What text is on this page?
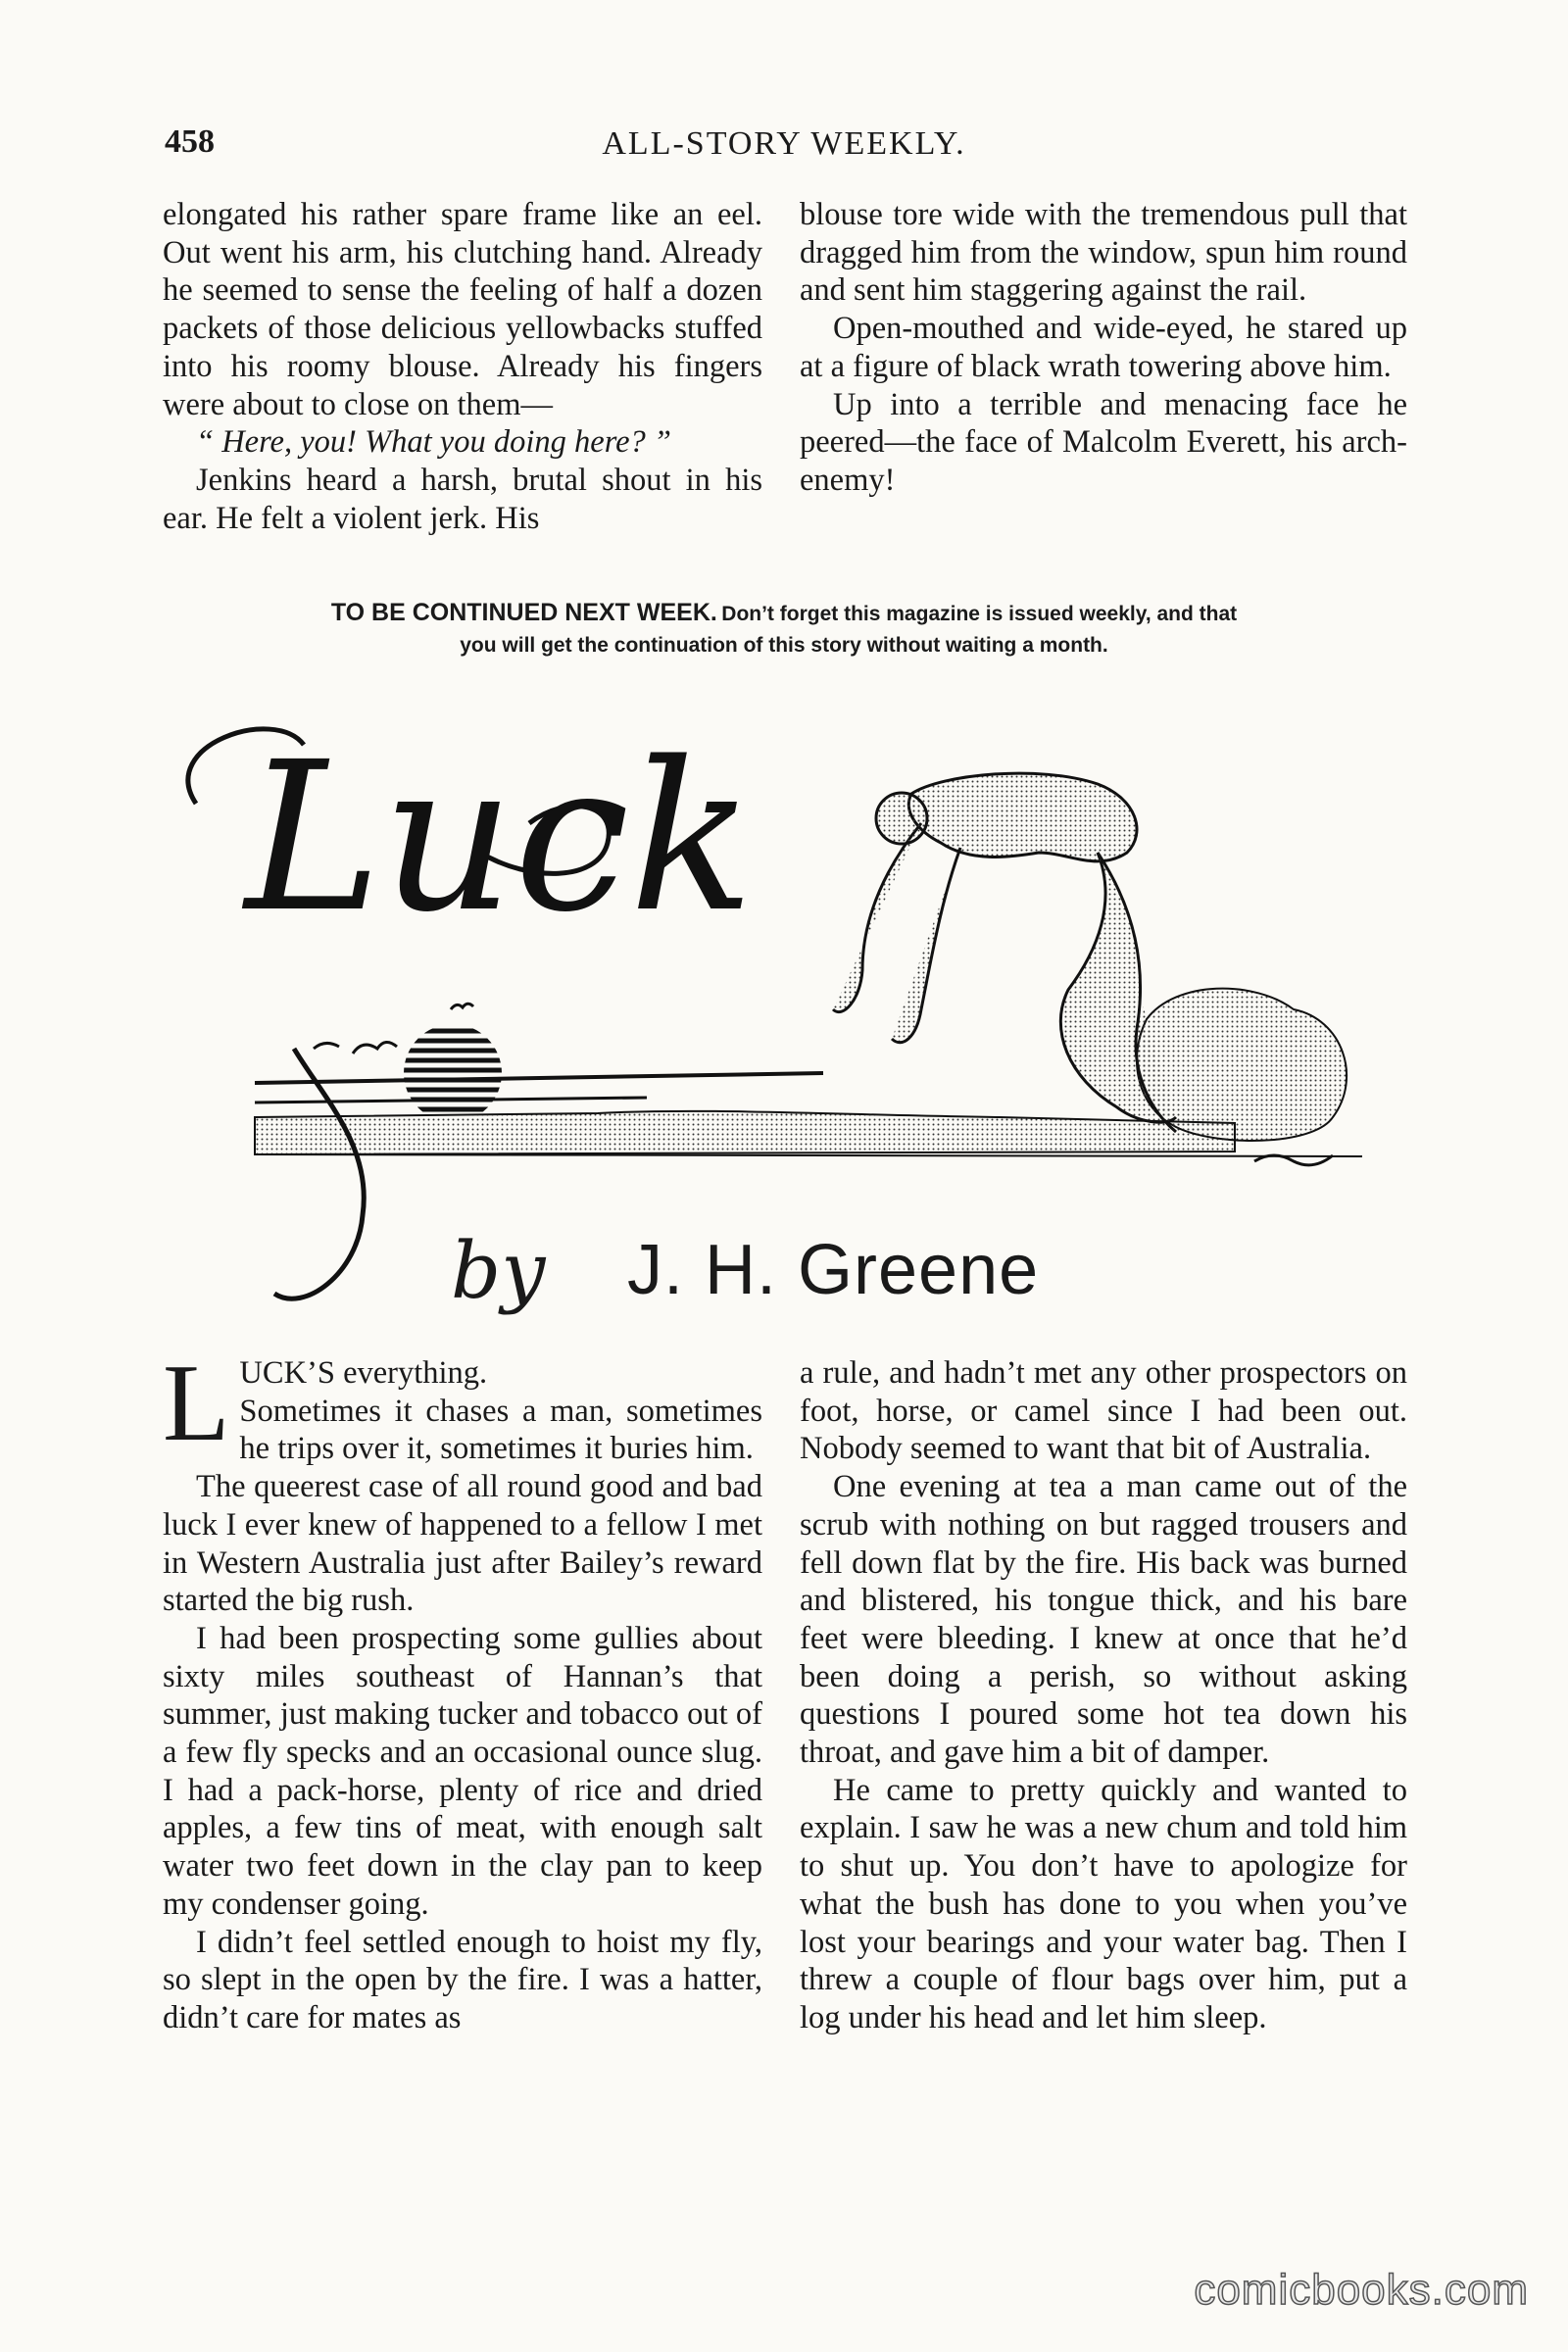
458	ALL-STORY WEEKLY.

elongated his rather spare frame like an eel. Out went his arm, his clutching hand. Already he seemed to sense the feeling of half a dozen packets of those delicious yellowbacks stuffed into his roomy blouse. Already his fingers were about to close on them—

“ Here, you! What you doing here? ”

Jenkins heard a harsh, brutal shout in his ear. He felt a violent jerk. His

blouse tore wide with the tremendous pull that dragged him from the window, spun him round and sent him staggering against the rail.

Open-mouthed and wide-eyed, he stared up at a figure of black wrath towering above him.

Up into a terrible and menacing face he peered—the face of Malcolm Everett, his arch-enemy!

TO BE CONTINUED NEXT WEEK. Don’t forget this magazine is issued weekly, and that
you will get the continuation of this story without waiting a month.
Luck
by J. H. Greene

LUCK’S everything.
Sometimes it chases a man, sometimes he trips over it, sometimes it buries him.

The queerest case of all round good and bad luck I ever knew of happened to a fellow I met in Western Australia just after Bailey’s reward started the big rush.

I had been prospecting some gullies about sixty miles southeast of Hannan’s that summer, just making tucker and tobacco out of a few fly specks and an occasional ounce slug. I had a pack-horse, plenty of rice and dried apples, a few tins of meat, with enough salt water two feet down in the clay pan to keep my condenser going.

I didn’t feel settled enough to hoist my fly, so slept in the open by the fire. I was a hatter, didn’t care for mates as

a rule, and hadn’t met any other prospectors on foot, horse, or camel since I had been out. Nobody seemed to want that bit of Australia.

One evening at tea a man came out of the scrub with nothing on but ragged trousers and fell down flat by the fire. His back was burned and blistered, his tongue thick, and his bare feet were bleeding. I knew at once that he’d been doing a perish, so without asking questions I poured some hot tea down his throat, and gave him a bit of damper.

He came to pretty quickly and wanted to explain. I saw he was a new chum and told him to shut up. You don’t have to apologize for what the bush has done to you when you’ve lost your bearings and your water bag. Then I threw a couple of flour bags over him, put a log under his head and let him sleep.

comicbooks.com
